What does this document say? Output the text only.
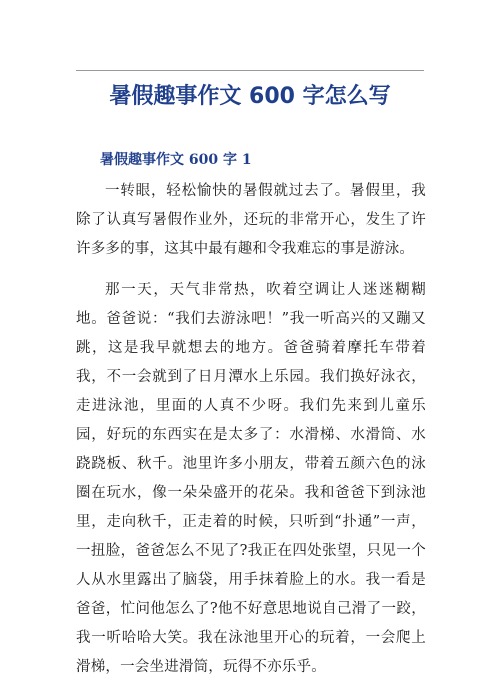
暑假趣事作文 600 字怎么写
暑假趣事作文 600 字 1

一转眼，轻松愉快的暑假就过去了。暑假里，我除了认真写暑假作业外，还玩的非常开心，发生了许许多多的事，这其中最有趣和令我难忘的事是游泳。

那一天，天气非常热，吹着空调让人迷迷糊糊地。爸爸说：“我们去游泳吧！”我一听高兴的又蹦又跳，这是我早就想去的地方。爸爸骑着摩托车带着我，不一会就到了日月潭水上乐园。我们换好泳衣，走进泳池，里面的人真不少呀。我们先来到儿童乐园，好玩的东西实在是太多了：水滑梯、水滑筒、水跷跷板、秋千。池里许多小朋友，带着五颜六色的泳圈在玩水，像一朵朵盛开的花朵。我和爸爸下到泳池里，走向秋千，正走着的时候，只听到“扑通”一声，一扭脸，爸爸怎么不见了?我正在四处张望，只见一个人从水里露出了脑袋，用手抹着脸上的水。我一看是爸爸，忙问他怎么了?他不好意思地说自己滑了一跤，我一听哈哈大笑。我在泳池里开心的玩着，一会爬上滑梯，一会坐进滑筒，玩得不亦乐乎。
